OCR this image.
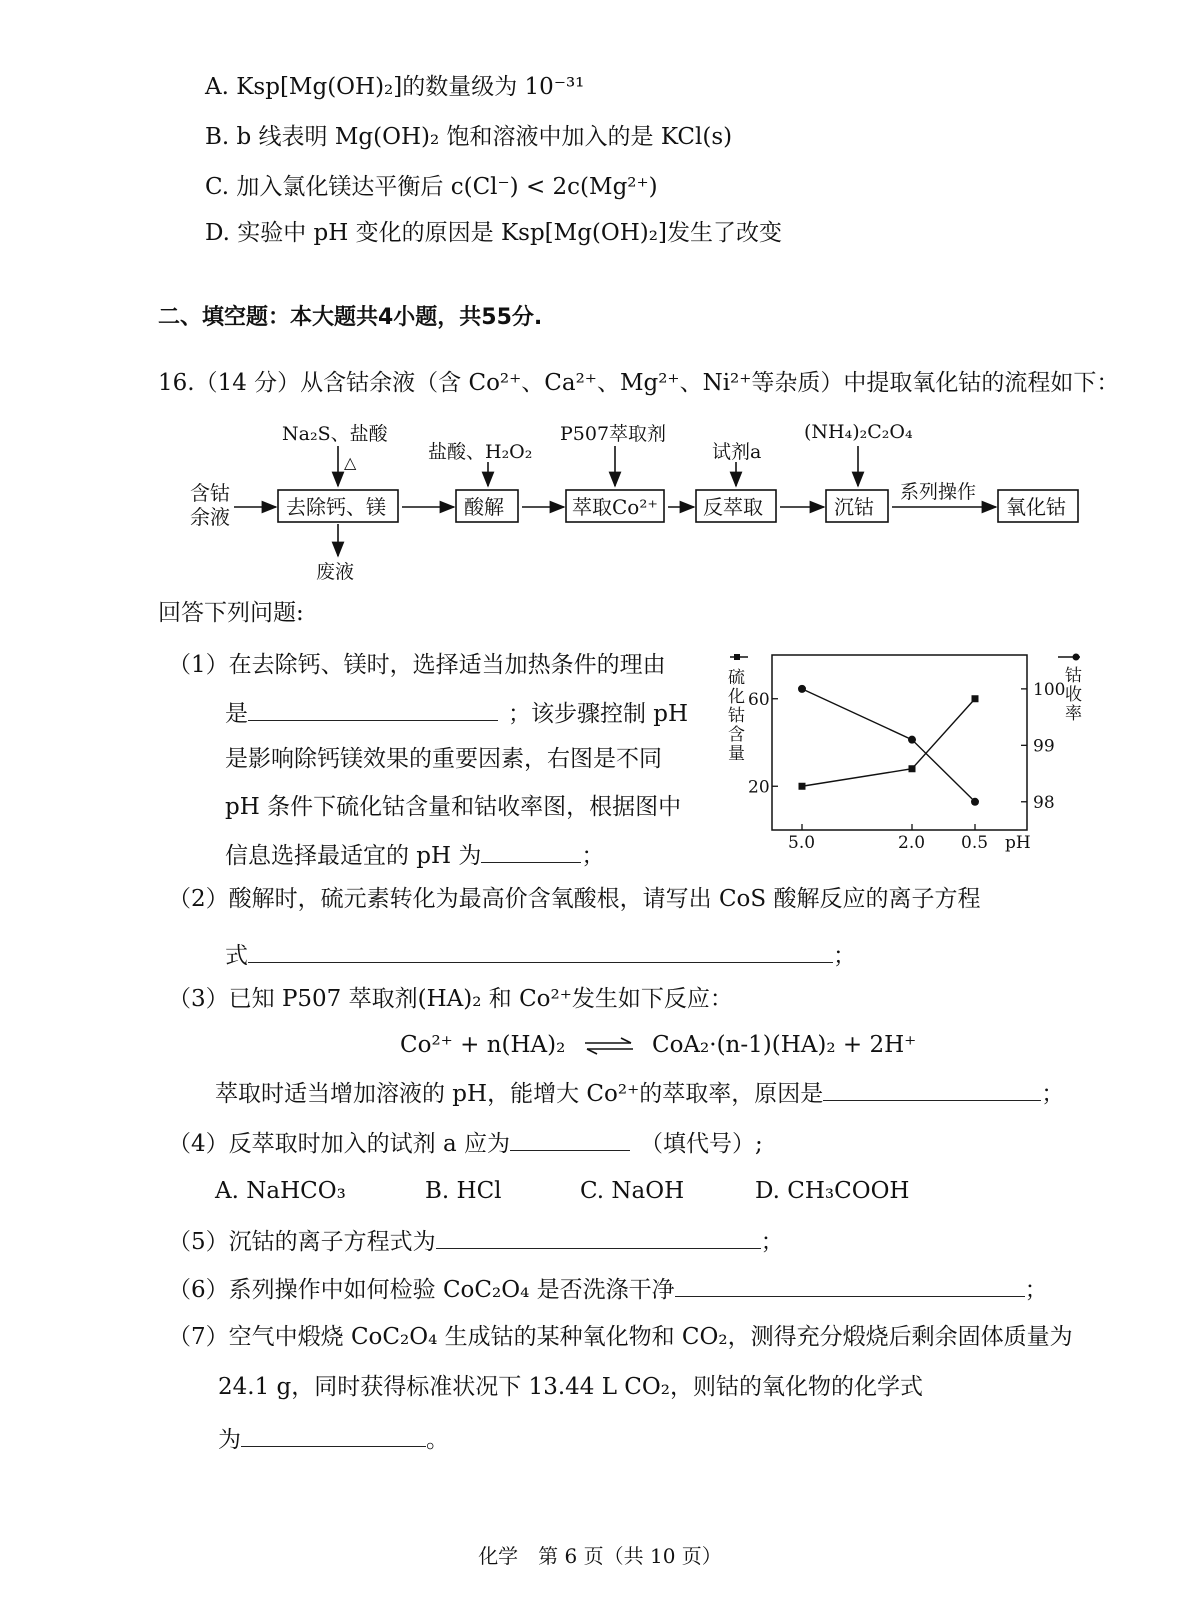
A. Ksp[Mg(OH)₂]的数量级为 10⁻³¹
B. b 线表明 Mg(OH)₂ 饱和溶液中加入的是 KCl(s)
C. 加入氯化镁达平衡后 c(Cl⁻) < 2c(Mg²⁺)
D. 实验中 pH 变化的原因是 Ksp[Mg(OH)₂]发生了改变
二、填空题：本大题共4小题，共55分.
16.（14 分）从含钴余液（含 Co²⁺、Ca²⁺、Mg²⁺、Ni²⁺等杂质）中提取氧化钴的流程如下：
含钴
余液	去除钙、镁	酸解	萃取Co²⁺ 反萃取	沉钴
系列操作
氧化钴
Na₂S、盐酸
△	盐酸、H₂O₂
P507萃取剂
试剂a
(NH₄)₂C₂O₄
废液
回答下列问题:
（1）在去除钙、镁时，选择适当加热条件的理由
是	；该步骤控制 pH
是影响除钙镁效果的重要因素，右图是不同
pH 条件下硫化钴含量和钴收率图，根据图中
信息选择最适宜的 pH 为	；
硫
化
钴
含
量
钴
收
率
5.0	2.0 0.5
60
20
100
99
98
pH
（2）酸解时，硫元素转化为最高价含氧酸根，请写出 CoS 酸解反应的离子方程
式	；
（3）已知 P507 萃取剂(HA)₂ 和 Co²⁺发生如下反应：
Co²⁺ + n(HA)₂ ⇌ CoA₂·(n-1)(HA)₂ + 2H⁺
萃取时适当增加溶液的 pH，能增大 Co²⁺的萃取率，原因是	；
（4）反萃取时加入的试剂 a 应为	（填代号）;
A. NaHCO₃	B. HCl	C. NaOH	D. CH₃COOH
（5）沉钴的离子方程式为	；
（6）系列操作中如何检验 CoC₂O₄ 是否洗涤干净	；
（7）空气中煅烧 CoC₂O₄ 生成钴的某种氧化物和 CO₂，测得充分煅烧后剩余固体质量为
24.1 g，同时获得标准状况下 13.44 L CO₂，则钴的氧化物的化学式
为	。
化学　第 6 页（共 10 页）
